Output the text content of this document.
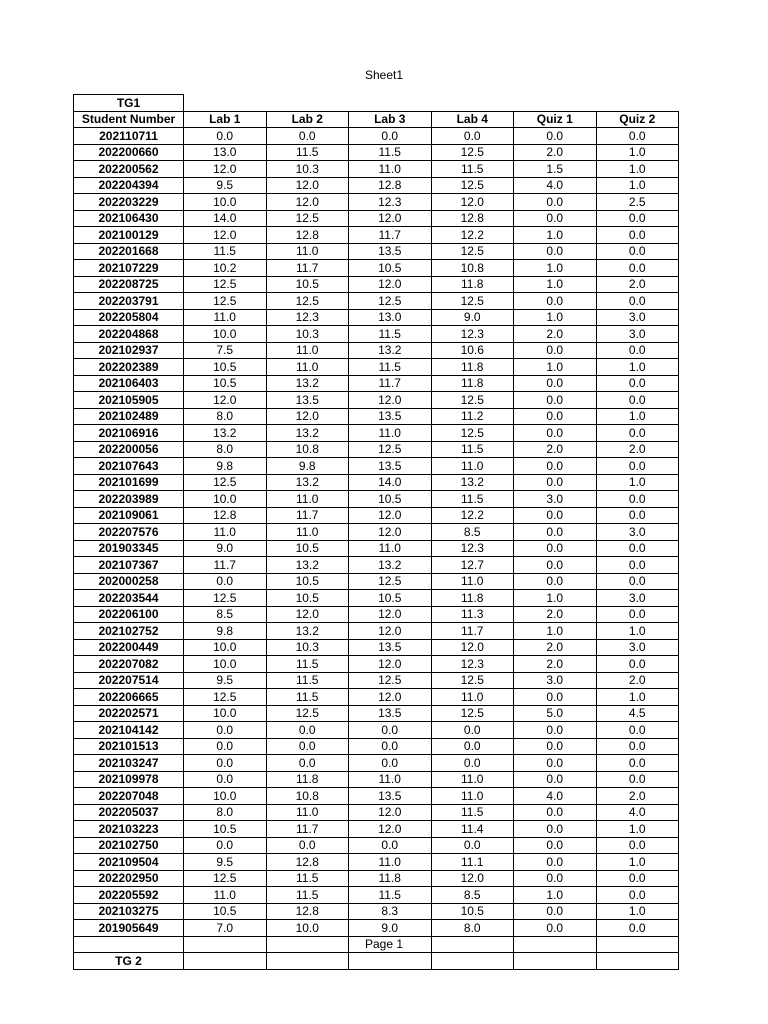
Sheet1
TG1						
Student Number	Lab 1	Lab 2	Lab 3	Lab 4	Quiz 1	Quiz 2
202110711	0.0	0.0	0.0	0.0	0.0	0.0
202200660	13.0	11.5	11.5	12.5	2.0	1.0
202200562	12.0	10.3	11.0	11.5	1.5	1.0
202204394	9.5	12.0	12.8	12.5	4.0	1.0
202203229	10.0	12.0	12.3	12.0	0.0	2.5
202106430	14.0	12.5	12.0	12.8	0.0	0.0
202100129	12.0	12.8	11.7	12.2	1.0	0.0
202201668	11.5	11.0	13.5	12.5	0.0	0.0
202107229	10.2	11.7	10.5	10.8	1.0	0.0
202208725	12.5	10.5	12.0	11.8	1.0	2.0
202203791	12.5	12.5	12.5	12.5	0.0	0.0
202205804	11.0	12.3	13.0	9.0	1.0	3.0
202204868	10.0	10.3	11.5	12.3	2.0	3.0
202102937	7.5	11.0	13.2	10.6	0.0	0.0
202202389	10.5	11.0	11.5	11.8	1.0	1.0
202106403	10.5	13.2	11.7	11.8	0.0	0.0
202105905	12.0	13.5	12.0	12.5	0.0	0.0
202102489	8.0	12.0	13.5	11.2	0.0	1.0
202106916	13.2	13.2	11.0	12.5	0.0	0.0
202200056	8.0	10.8	12.5	11.5	2.0	2.0
202107643	9.8	9.8	13.5	11.0	0.0	0.0
202101699	12.5	13.2	14.0	13.2	0.0	1.0
202203989	10.0	11.0	10.5	11.5	3.0	0.0
202109061	12.8	11.7	12.0	12.2	0.0	0.0
202207576	11.0	11.0	12.0	8.5	0.0	3.0
201903345	9.0	10.5	11.0	12.3	0.0	0.0
202107367	11.7	13.2	13.2	12.7	0.0	0.0
202000258	0.0	10.5	12.5	11.0	0.0	0.0
202203544	12.5	10.5	10.5	11.8	1.0	3.0
202206100	8.5	12.0	12.0	11.3	2.0	0.0
202102752	9.8	13.2	12.0	11.7	1.0	1.0
202200449	10.0	10.3	13.5	12.0	2.0	3.0
202207082	10.0	11.5	12.0	12.3	2.0	0.0
202207514	9.5	11.5	12.5	12.5	3.0	2.0
202206665	12.5	11.5	12.0	11.0	0.0	1.0
202202571	10.0	12.5	13.5	12.5	5.0	4.5
202104142	0.0	0.0	0.0	0.0	0.0	0.0
202101513	0.0	0.0	0.0	0.0	0.0	0.0
202103247	0.0	0.0	0.0	0.0	0.0	0.0
202109978	0.0	11.8	11.0	11.0	0.0	0.0
202207048	10.0	10.8	13.5	11.0	4.0	2.0
202205037	8.0	11.0	12.0	11.5	0.0	4.0
202103223	10.5	11.7	12.0	11.4	0.0	1.0
202102750	0.0	0.0	0.0	0.0	0.0	0.0
202109504	9.5	12.8	11.0	11.1	0.0	1.0
202202950	12.5	11.5	11.8	12.0	0.0	0.0
202205592	11.0	11.5	11.5	8.5	1.0	0.0
202103275	10.5	12.8	8.3	10.5	0.0	1.0
201905649	7.0	10.0	9.0	8.0	0.0	0.0

TG 2						
Page 1
